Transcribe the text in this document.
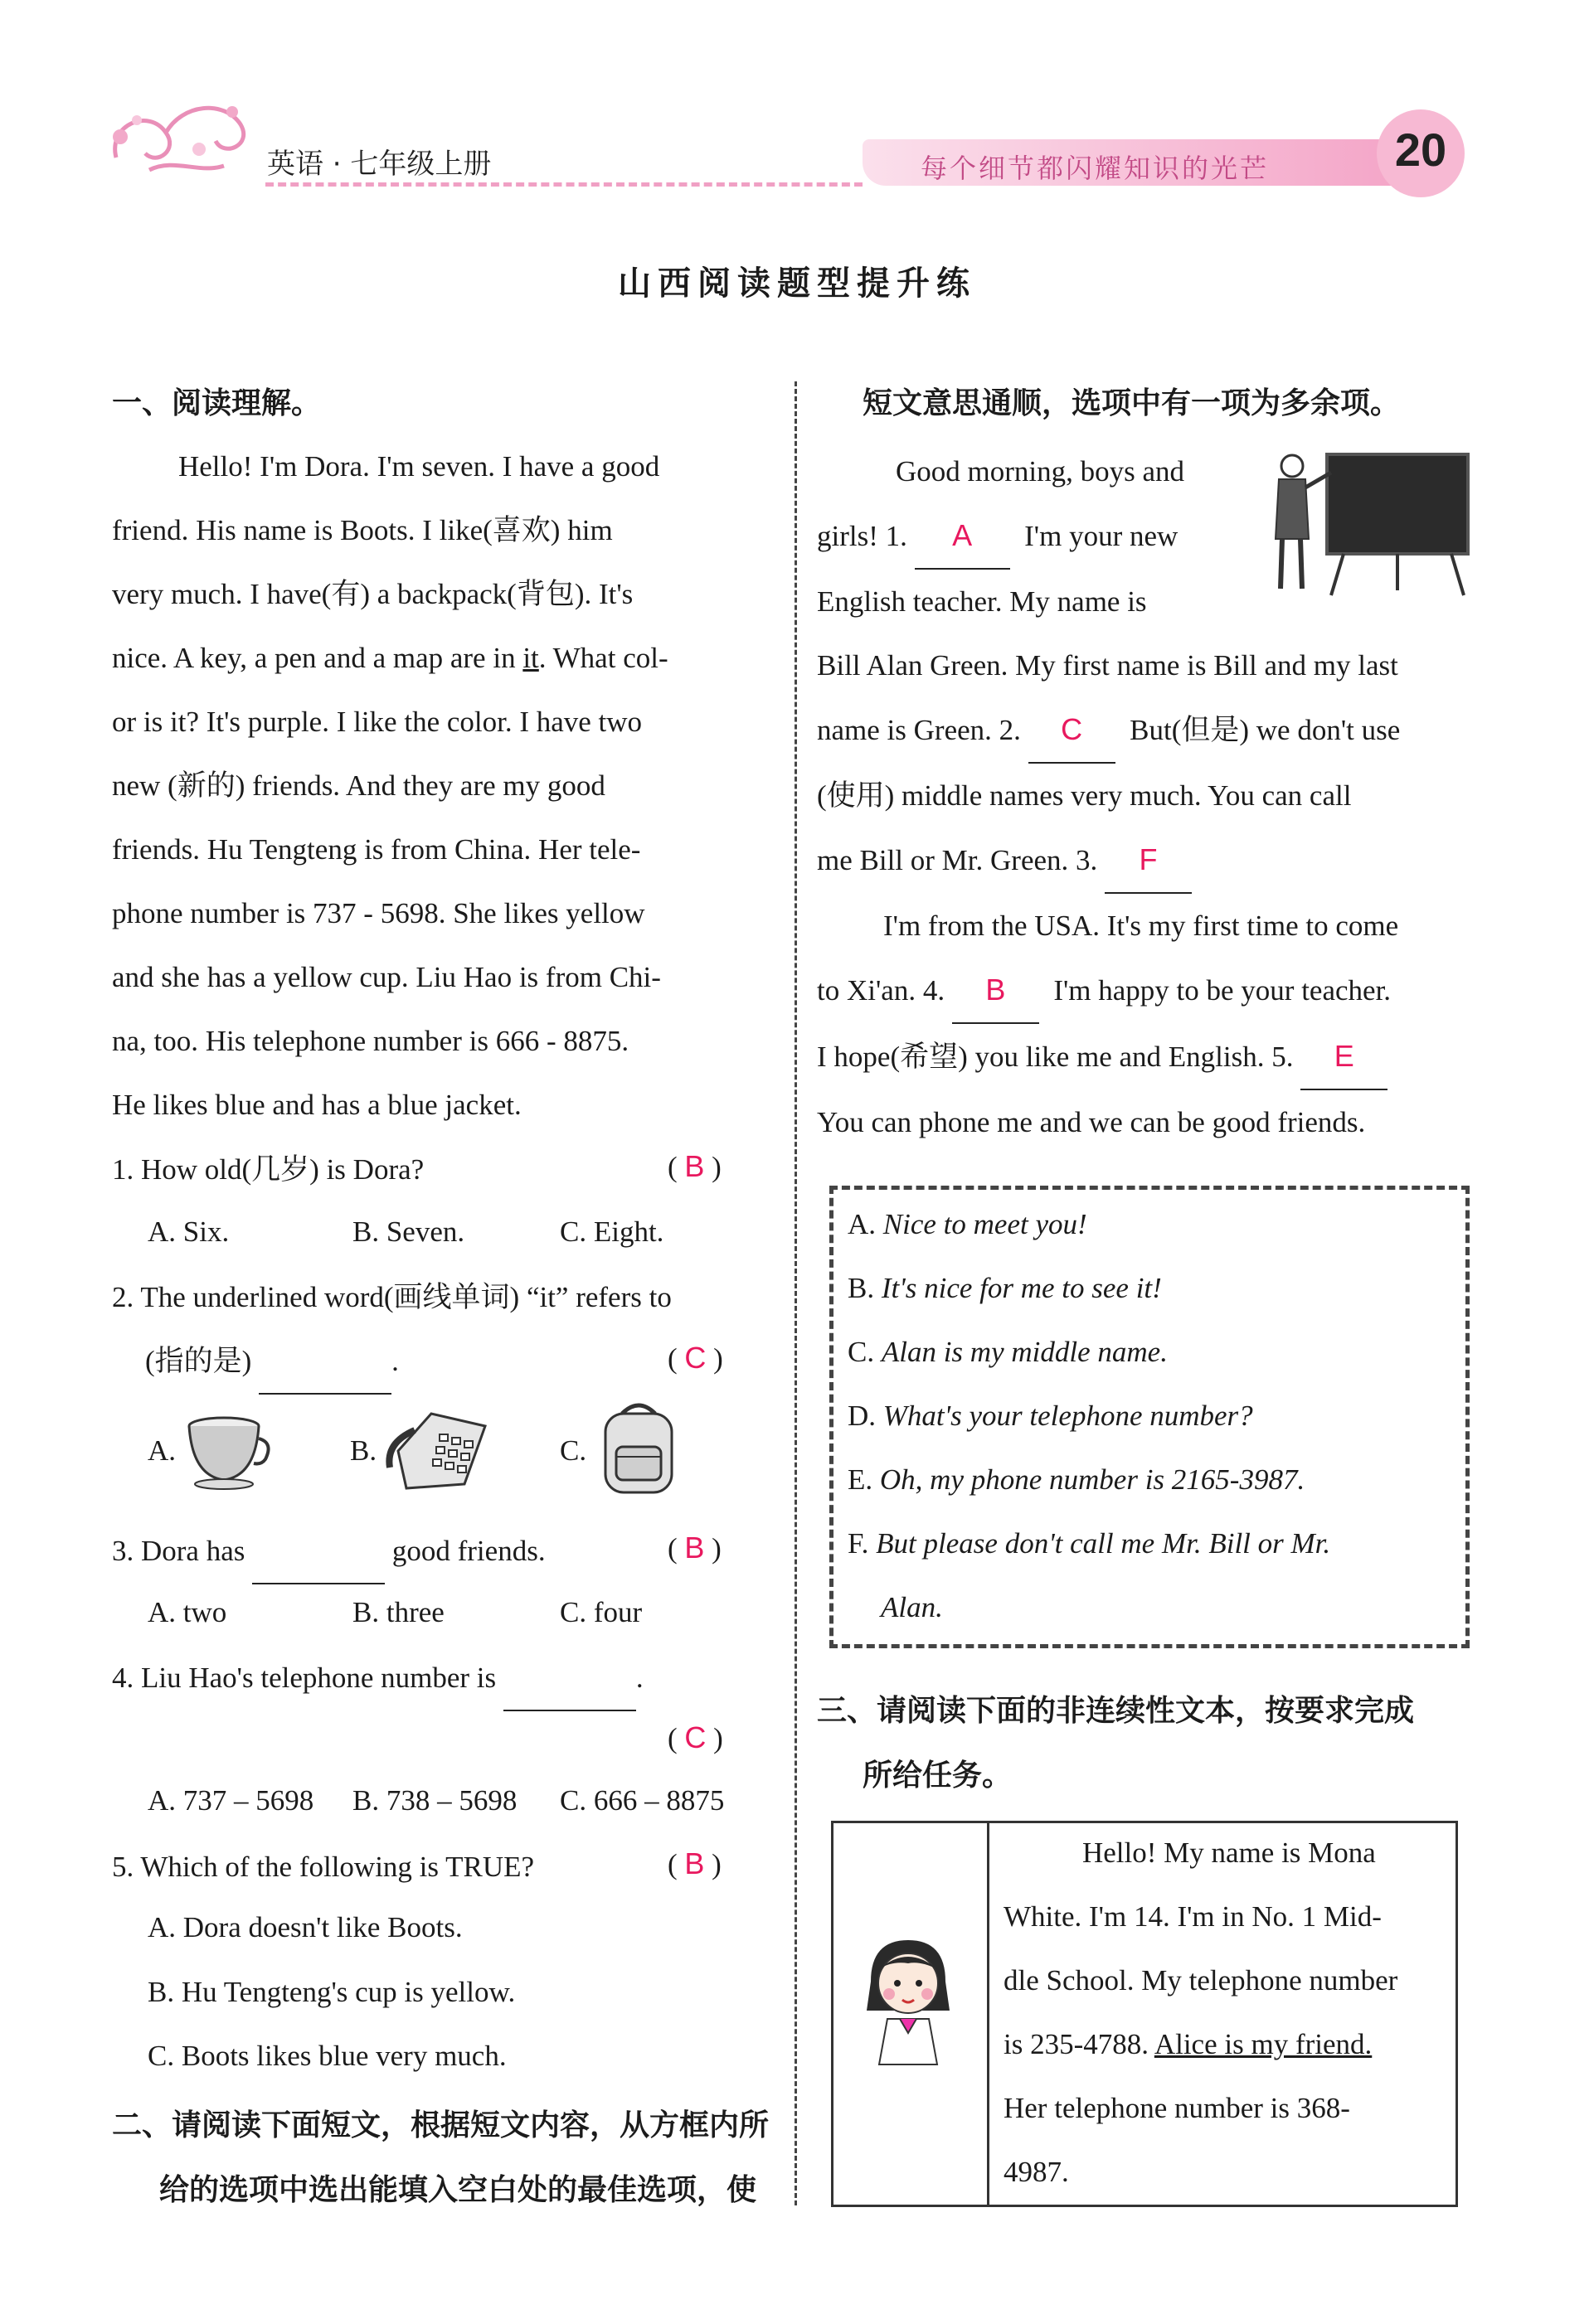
英语 · 七年级上册	每个细节都闪耀知识的光芒	20
山西阅读题型提升练
一、阅读理解。
Hello! I'm Dora. I'm seven. I have a good
friend. His name is Boots. I like(喜欢) him
very much. I have(有) a backpack(背包). It's
nice. A key, a pen and a map are in it. What col-
or is it? It's purple. I like the color. I have two
new (新的) friends. And they are my good
friends. Hu Tengteng is from China. Her tele-
phone number is 737 - 5698. She likes yellow
and she has a yellow cup. Liu Hao is from Chi-
na, too. His telephone number is 666 - 8875.
He likes blue and has a blue jacket.
1. How old(几岁) is Dora?	( B )
A. Six.	B. Seven.	C. Eight.
2. The underlined word(画线单词) “it” refers to
(指的是)	.	( C )
A.	B.	C.
3. Dora has	good friends.	( B )
A. two	B. three	C. four
4. Liu Hao's telephone number is	.
( C )
A. 737 – 5698 B. 738 – 5698 C. 666 – 8875
5. Which of the following is TRUE?	( B )
A. Dora doesn't like Boots.
B. Hu Tengteng's cup is yellow.
C. Boots likes blue very much.
二、请阅读下面短文，根据短文内容，从方框内所
给的选项中选出能填入空白处的最佳选项，使
短文意思通顺，选项中有一项为多余项。
Good morning, boys and
girls! 1. A I'm your new
English teacher. My name is
Bill Alan Green. My first name is Bill and my last
name is Green. 2. C But(但是) we don't use
(使用) middle names very much. You can call
me Bill or Mr. Green. 3. F
I'm from the USA. It's my first time to come
to Xi'an. 4. B I'm happy to be your teacher.
I hope(希望) you like me and English. 5. E
You can phone me and we can be good friends.
A. Nice to meet you!
B. It's nice for me to see it!
C. Alan is my middle name.
D. What's your telephone number?
E. Oh, my phone number is 2165-3987.
F. But please don't call me Mr. Bill or Mr.
Alan.
三、请阅读下面的非连续性文本，按要求完成
所给任务。
Hello! My name is Mona
White. I'm 14. I'm in No. 1 Mid-
dle School. My telephone number
is 235-4788. Alice is my friend.
Her telephone number is 368-
4987.
